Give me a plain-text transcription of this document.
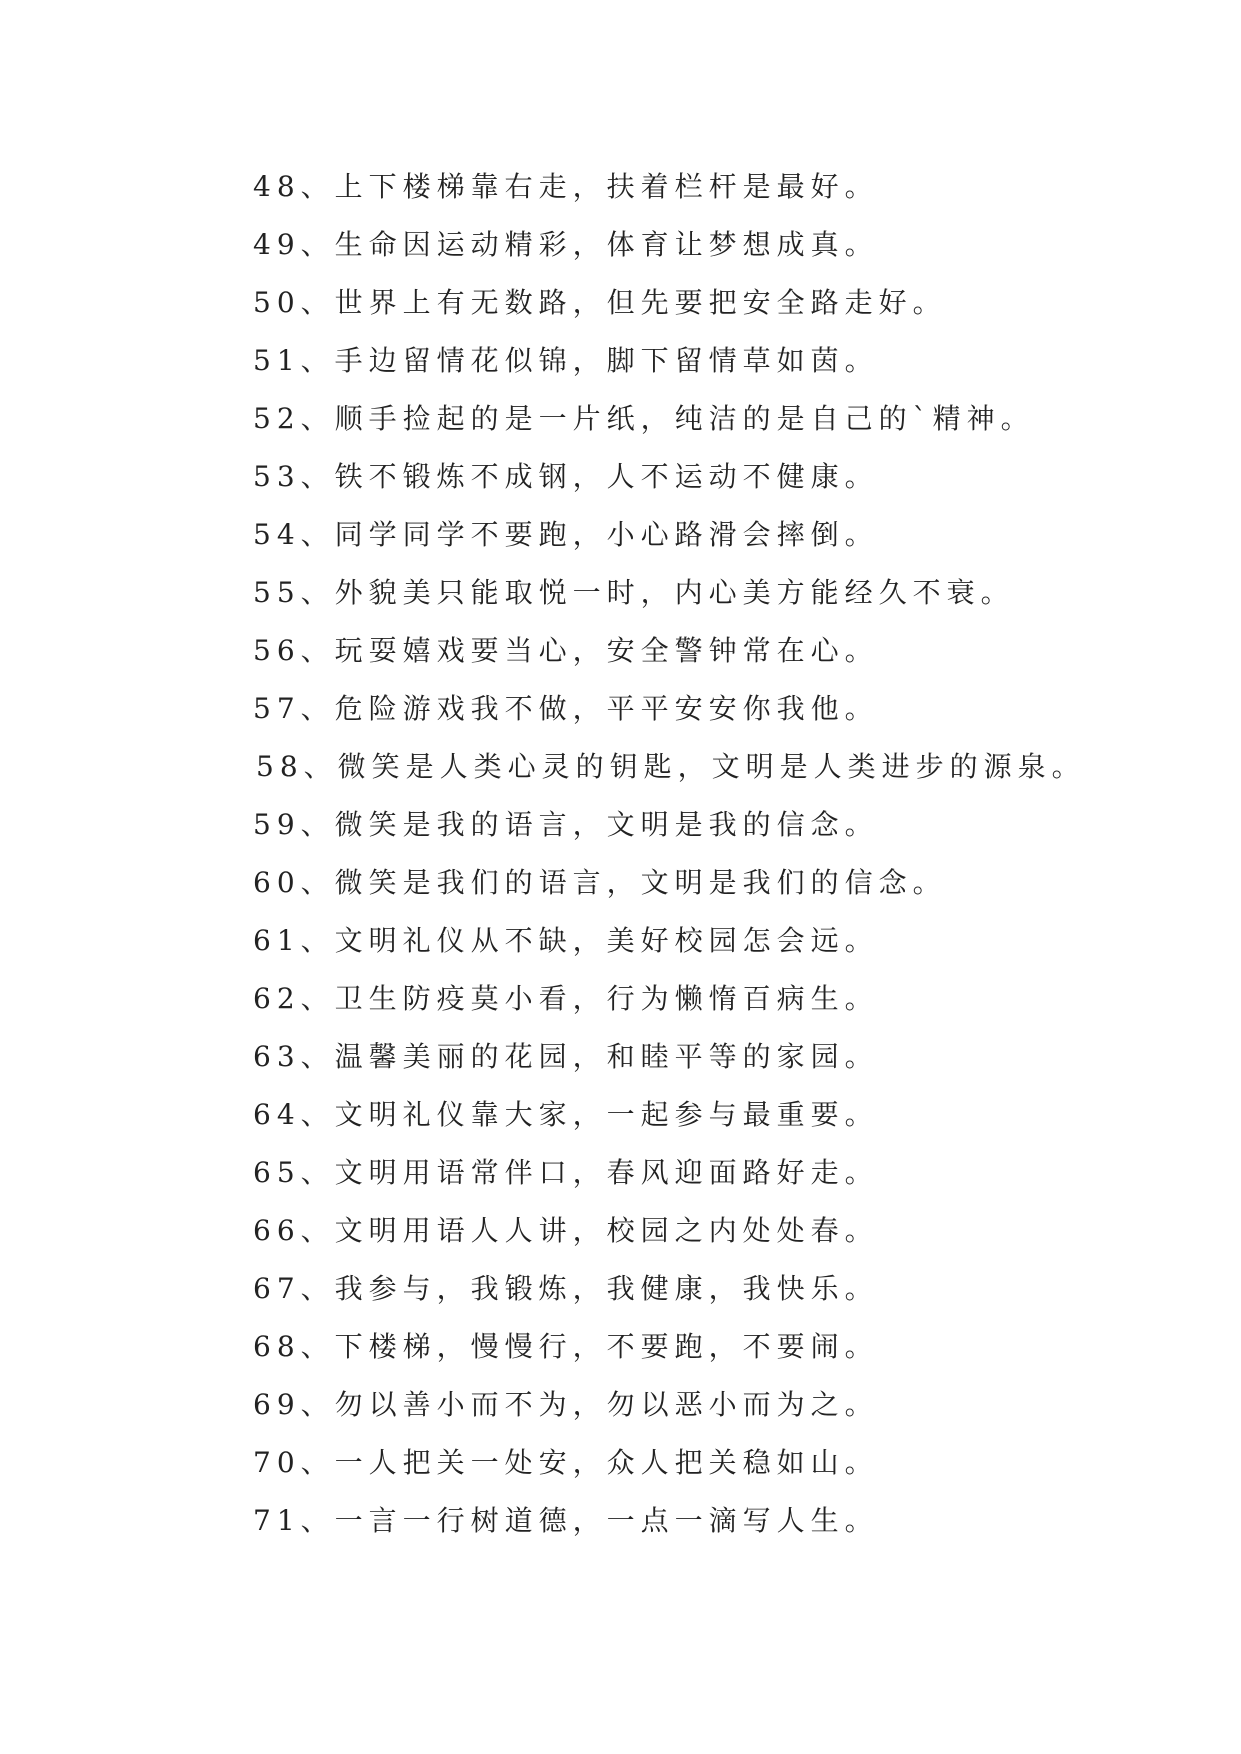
48、上下楼梯靠右走，扶着栏杆是最好。
49、生命因运动精彩，体育让梦想成真。
50、世界上有无数路，但先要把安全路走好。
51、手边留情花似锦，脚下留情草如茵。
52、顺手捡起的是一片纸，纯洁的是自己的`精神。
53、铁不锻炼不成钢，人不运动不健康。
54、同学同学不要跑，小心路滑会摔倒。
55、外貌美只能取悦一时，内心美方能经久不衰。
56、玩耍嬉戏要当心，安全警钟常在心。
57、危险游戏我不做，平平安安你我他。
58、微笑是人类心灵的钥匙，文明是人类进步的源泉。
59、微笑是我的语言，文明是我的信念。
60、微笑是我们的语言，文明是我们的信念。
61、文明礼仪从不缺，美好校园怎会远。
62、卫生防疫莫小看，行为懒惰百病生。
63、温馨美丽的花园，和睦平等的家园。
64、文明礼仪靠大家，一起参与最重要。
65、文明用语常伴口，春风迎面路好走。
66、文明用语人人讲，校园之内处处春。
67、我参与，我锻炼，我健康，我快乐。
68、下楼梯，慢慢行，不要跑，不要闹。
69、勿以善小而不为，勿以恶小而为之。
70、一人把关一处安，众人把关稳如山。
71、一言一行树道德，一点一滴写人生。
